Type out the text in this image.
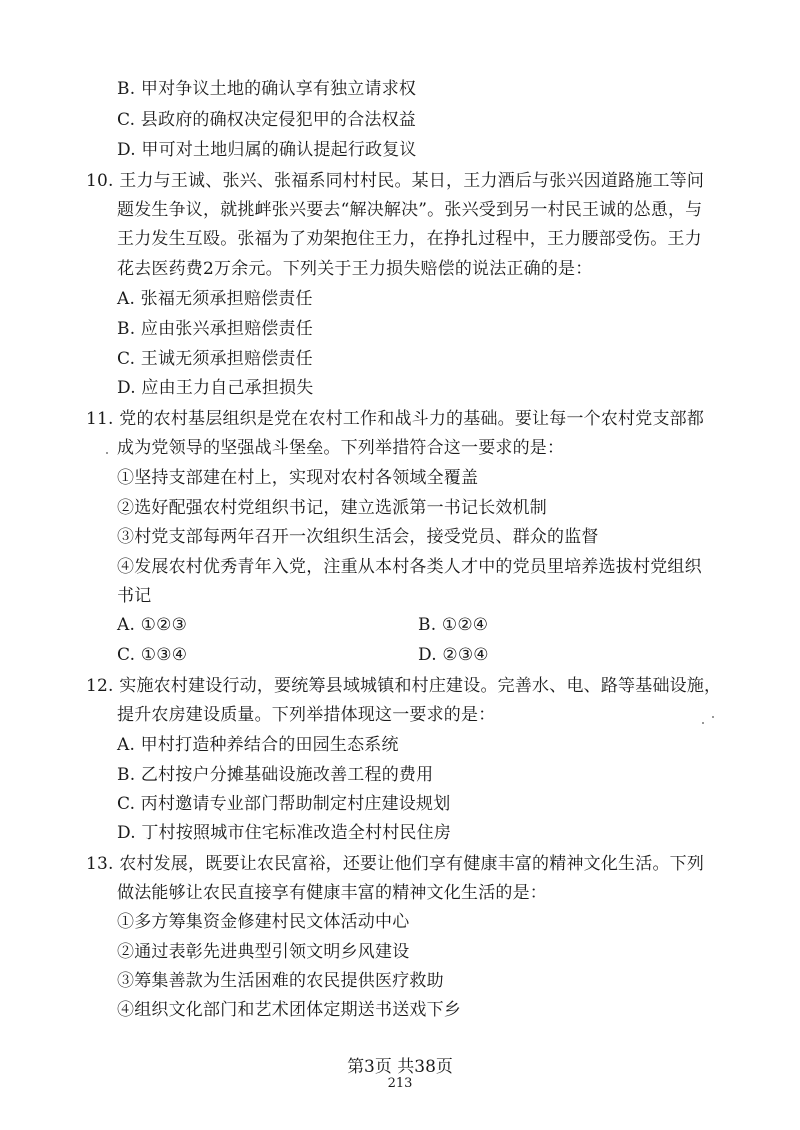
B. 甲对争议土地的确认享有独立请求权
C. 县政府的确权决定侵犯甲的合法权益
D. 甲可对土地归属的确认提起行政复议
10. 王力与王诚、张兴、张福系同村村民。某日，王力酒后与张兴因道路施工等问
题发生争议，就挑衅张兴要去“解决解决”。张兴受到另一村民王诚的怂恿，与
王力发生互殴。张福为了劝架抱住王力，在挣扎过程中，王力腰部受伤。王力
花去医药费2万余元。下列关于王力损失赔偿的说法正确的是：
A. 张福无须承担赔偿责任
B. 应由张兴承担赔偿责任
C. 王诚无须承担赔偿责任
D. 应由王力自己承担损失
11. 党的农村基层组织是党在农村工作和战斗力的基础。要让每一个农村党支部都
成为党领导的坚强战斗堡垒。下列举措符合这一要求的是：
①坚持支部建在村上，实现对农村各领域全覆盖
②选好配强农村党组织书记，建立选派第一书记长效机制
③村党支部每两年召开一次组织生活会，接受党员、群众的监督
④发展农村优秀青年入党，注重从本村各类人才中的党员里培养选拔村党组织
书记
A. ①②③	B. ①②④
C. ①③④	D. ②③④
12. 实施农村建设行动，要统筹县域城镇和村庄建设。完善水、电、路等基础设施，
提升农房建设质量。下列举措体现这一要求的是：
A. 甲村打造种养结合的田园生态系统
B. 乙村按户分摊基础设施改善工程的费用
C. 丙村邀请专业部门帮助制定村庄建设规划
D. 丁村按照城市住宅标准改造全村村民住房
13. 农村发展，既要让农民富裕，还要让他们享有健康丰富的精神文化生活。下列
做法能够让农民直接享有健康丰富的精神文化生活的是：
①多方筹集资金修建村民文体活动中心
②通过表彰先进典型引领文明乡风建设
③筹集善款为生活困难的农民提供医疗救助
④组织文化部门和艺术团体定期送书送戏下乡
第3页 共38页
213
